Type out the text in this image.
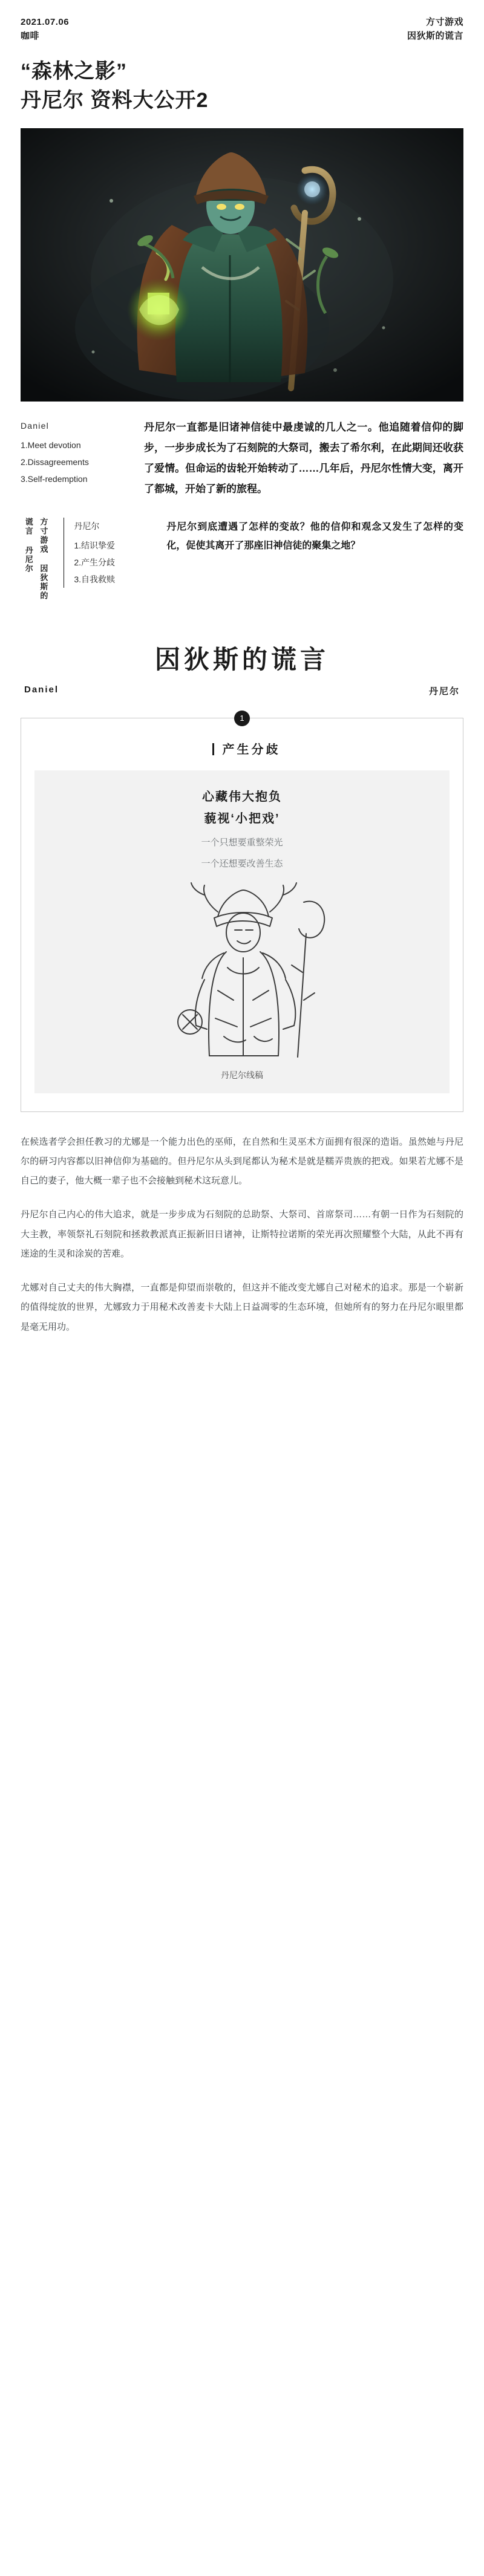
2021.07.06
咖啡
方寸游戏
因狄斯的谎言
“森林之影”
丹尼尔 资料大公开2
Daniel
1.Meet devotion
2.Dissagreements
3.Self-redemption
丹尼尔一直都是旧诸神信徒中最虔诚的几人之一。他追随着信仰的脚步，一步步成长为了石刻院的大祭司，搬去了希尔利，在此期间还收获了爱情。但命运的齿轮开始转动了……几年后，丹尼尔性情大变，离开了都城，开始了新的旅程。
方寸游戏 因狄斯的谎言 丹尼尔	丹尼尔
1.结识挚爱
2.产生分歧
3.自我救赎
丹尼尔到底遭遇了怎样的变故？他的信仰和观念又发生了怎样的变化，促使其离开了那座旧神信徒的聚集之地？
因狄斯的谎言
Daniel	丹尼尔
1
产生分歧
心藏伟大抱负
藐视‘小把戏’
一个只想要重整荣光
一个还想要改善生态
丹尼尔线稿

在候选者学会担任教习的尤娜是一个能力出色的巫师，在自然和生灵巫术方面拥有很深的造诣。虽然她与丹尼尔的研习内容都以旧神信仰为基础的。但丹尼尔从头到尾都认为秘术是就是糯弄贵族的把戏。如果若尤娜不是自己的妻子，他大概一辈子也不会接触到秘术这玩意儿。

丹尼尔自己内心的伟大追求，就是一步步成为石刻院的总助祭、大祭司、首席祭司……有朝一日作为石刻院的大主教，率领祭礼石刻院和拯救教派真正振新旧日诸神，让斯特拉诺斯的荣光再次照耀整个大陆，从此不再有迷途的生灵和涂炭的苦难。

尤娜对自己丈夫的伟大胸襟，一直都是仰望而崇敬的，但这并不能改变尤娜自己对秘术的追求。那是一个崭新的值得绽放的世界，尤娜致力于用秘术改善麦卡大陆上日益凋零的生态环境，但她所有的努力在丹尼尔眼里都是毫无用功。
